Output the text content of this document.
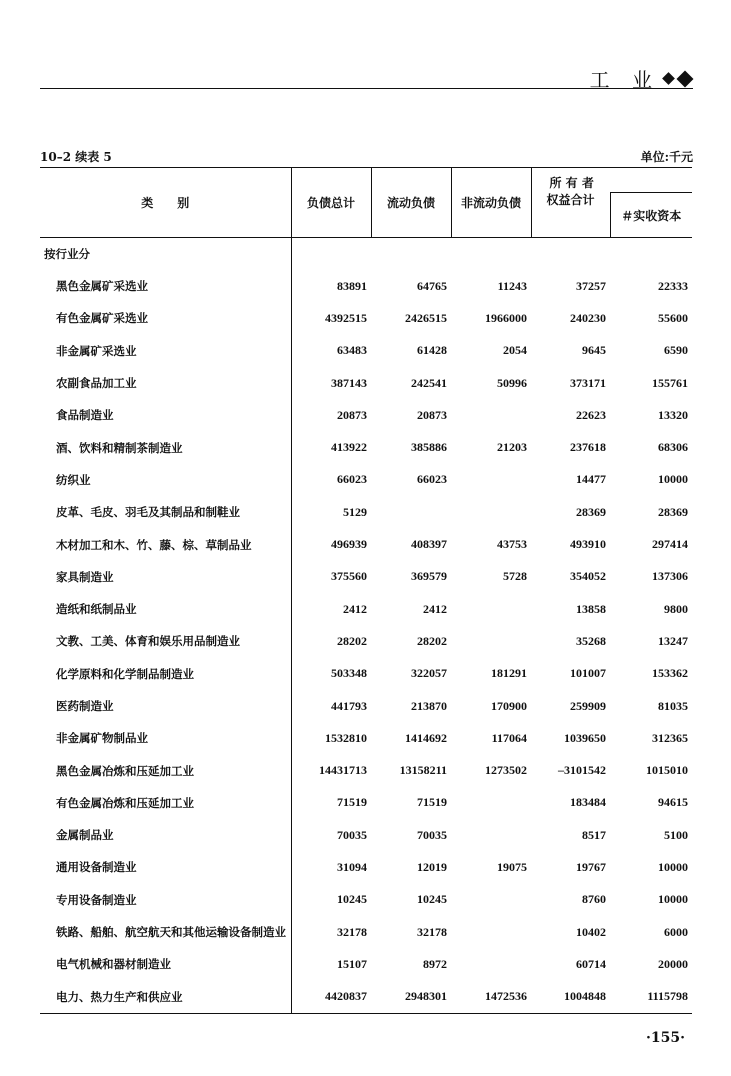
工 业
10–2 续表 5	单位:千元
类　　别	负债总计	流动负债	非流动负债	所 有 者	
				权益合计	＃实收资本
按行业分					
黑色金属矿采选业	83891	64765	11243	37257	22333
有色金属矿采选业	4392515	2426515	1966000	240230	55600
非金属矿采选业	63483	61428	2054	9645	6590
农副食品加工业	387143	242541	50996	373171	155761
食品制造业	20873	20873		22623	13320
酒、饮料和精制茶制造业	413922	385886	21203	237618	68306
纺织业	66023	66023		14477	10000
皮革、毛皮、羽毛及其制品和制鞋业	5129			28369	28369
木材加工和木、竹、藤、棕、草制品业	496939	408397	43753	493910	297414
家具制造业	375560	369579	5728	354052	137306
造纸和纸制品业	2412	2412		13858	9800
文教、工美、体育和娱乐用品制造业	28202	28202		35268	13247
化学原料和化学制品制造业	503348	322057	181291	101007	153362
医药制造业	441793	213870	170900	259909	81035
非金属矿物制品业	1532810	1414692	117064	1039650	312365
黑色金属冶炼和压延加工业	14431713	13158211	1273502	–3101542	1015010
有色金属冶炼和压延加工业	71519	71519		183484	94615
金属制品业	70035	70035		8517	5100
通用设备制造业	31094	12019	19075	19767	10000
专用设备制造业	10245	10245		8760	10000
铁路、船舶、航空航天和其他运输设备制造业	32178	32178		10402	6000
电气机械和器材制造业	15107	8972		60714	20000
电力、热力生产和供应业	4420837	2948301	1472536	1004848	1115798
·155·
